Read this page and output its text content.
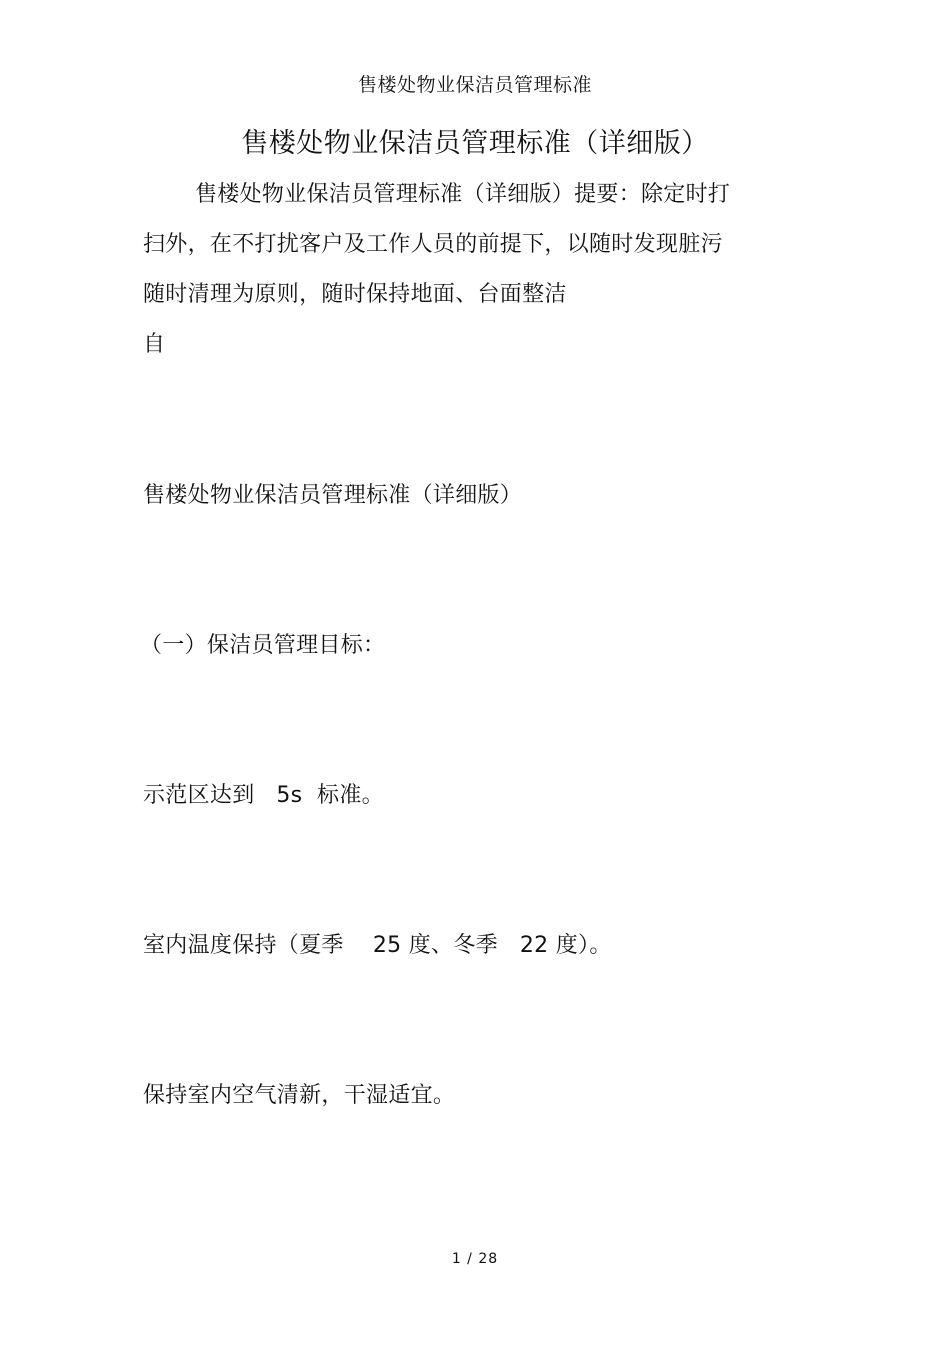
售楼处物业保洁员管理标准
售楼处物业保洁员管理标准（详细版）
售楼处物业保洁员管理标准（详细版）提要：除定时打
扫外，在不打扰客户及工作人员的前提下，以随时发现脏污
随时清理为原则，随时保持地面、台面整洁
自
售楼处物业保洁员管理标准（详细版）
（一）保洁员管理目标：
示范区达到   5s  标准。
室内温度保持（夏季    25 度、冬季   22 度）。
保持室内空气清新，干湿适宜。
1 / 28
